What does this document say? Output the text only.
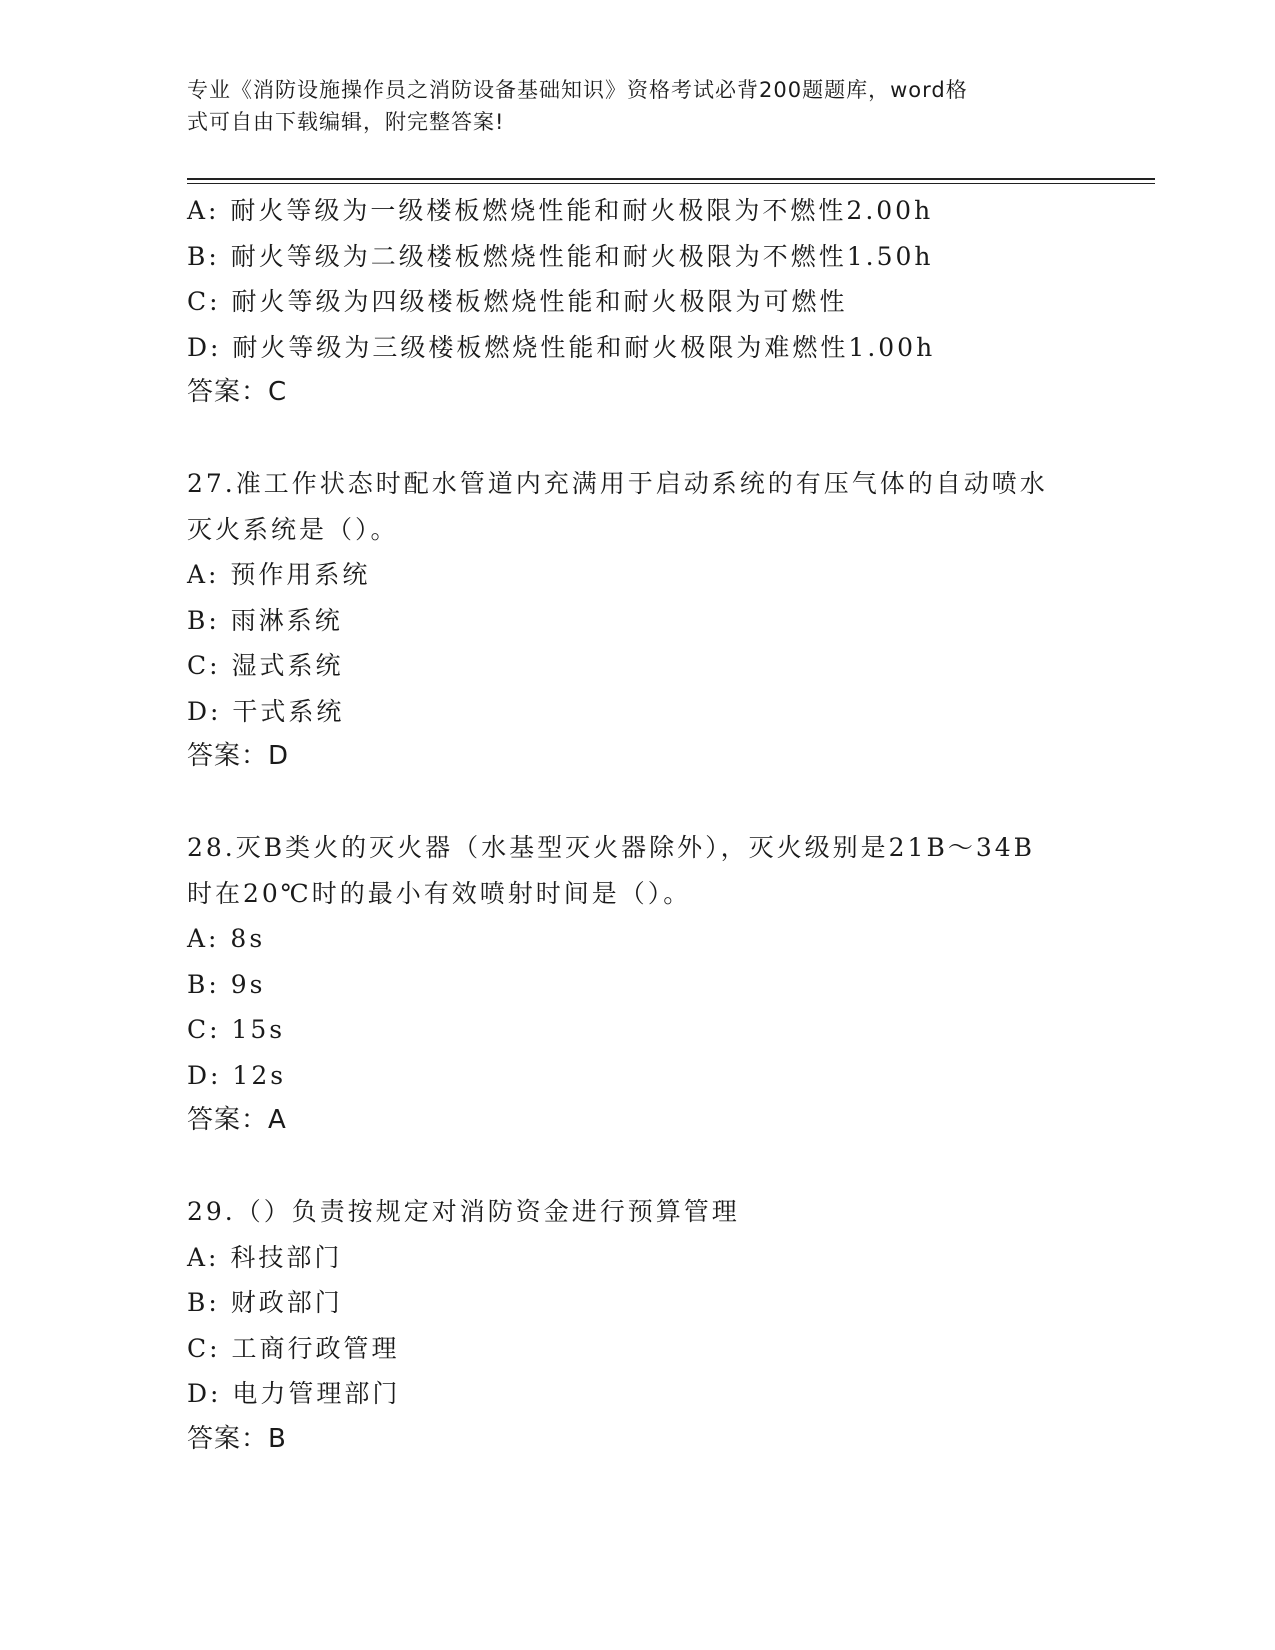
专业《消防设施操作员之消防设备基础知识》资格考试必背200题题库，word格
式可自由下载编辑，附完整答案!
A: 耐火等级为一级楼板燃烧性能和耐火极限为不燃性2.00h
B: 耐火等级为二级楼板燃烧性能和耐火极限为不燃性1.50h
C: 耐火等级为四级楼板燃烧性能和耐火极限为可燃性
D: 耐火等级为三级楼板燃烧性能和耐火极限为难燃性1.00h
答案：C
27.准工作状态时配水管道内充满用于启动系统的有压气体的自动喷水
灭火系统是（）。
A: 预作用系统
B: 雨淋系统
C: 湿式系统
D: 干式系统
答案：D
28.灭B类火的灭火器（水基型灭火器除外），灭火级别是21B～34B
时在20℃时的最小有效喷射时间是（）。
A: 8s
B: 9s
C: 15s
D: 12s
答案：A
29.（）负责按规定对消防资金进行预算管理
A: 科技部门
B: 财政部门
C: 工商行政管理
D: 电力管理部门
答案：B
